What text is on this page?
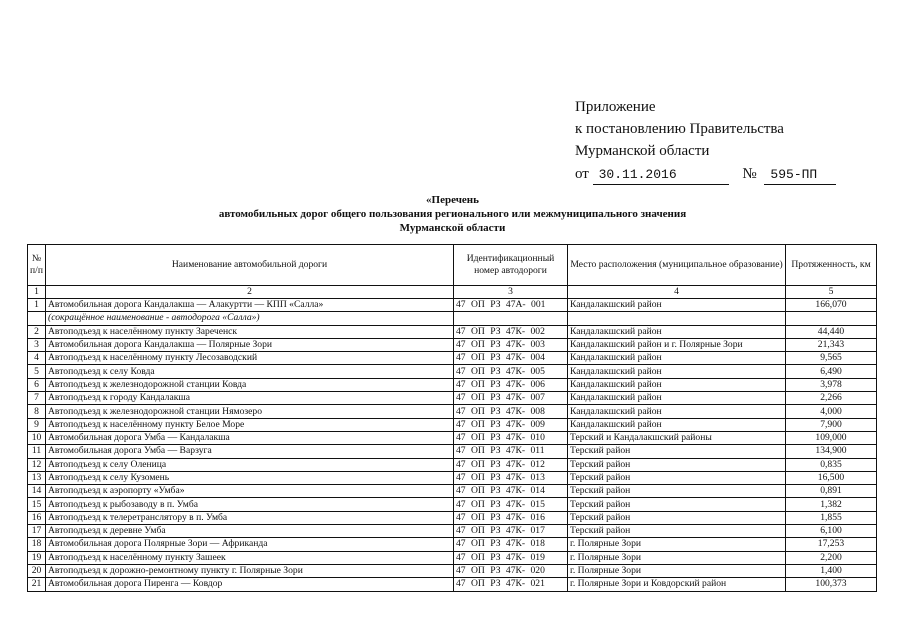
Приложение
к постановлению Правительства
Мурманской области
от 30.11.2016	№ 595-ПП
«Перечень
автомобильных дорог общего пользования регионального или межмуниципального значения
Мурманской области
№ п/п	Наименование автомобильной дороги	Идентификационный номер автодороги	Место расположения (муниципальное образование)	Протяженность, км
1	2	3	4	5
1	Автомобильная дорога Кандалакша — Алакуртти — КПП «Салла»	47 ОП РЗ 47А- 001	Кандалакшский район	166,070
	(сокращённое наименование - автодорога «Салла»)			
2	Автоподъезд к населённому пункту Зареченск	47 ОП РЗ 47К- 002	Кандалакшский район	44,440
3	Автомобильная дорога Кандалакша — Полярные Зори	47 ОП РЗ 47К- 003	Кандалакшский район и г. Полярные Зори	21,343
4	Автоподъезд к населённому пункту Лесозаводский	47 ОП РЗ 47К- 004	Кандалакшский район	9,565
5	Автоподъезд к селу Ковда	47 ОП РЗ 47К- 005	Кандалакшский район	6,490
6	Автоподъезд к железнодорожной станции Ковда	47 ОП РЗ 47К- 006	Кандалакшский район	3,978
7	Автоподъезд к городу Кандалакша	47 ОП РЗ 47К- 007	Кандалакшский район	2,266
8	Автоподъезд к железнодорожной станции Нямозеро	47 ОП РЗ 47К- 008	Кандалакшский район	4,000
9	Автоподъезд к населённому пункту Белое Море	47 ОП РЗ 47К- 009	Кандалакшский район	7,900
10	Автомобильная дорога Умба — Кандалакша	47 ОП РЗ 47К- 010	Терский и Кандалакшский районы	109,000
11	Автомобильная дорога Умба — Варзуга	47 ОП РЗ 47К- 011	Терский район	134,900
12	Автоподъезд к селу Оленица	47 ОП РЗ 47К- 012	Терский район	0,835
13	Автоподъезд к селу Кузомень	47 ОП РЗ 47К- 013	Терский район	16,500
14	Автоподъезд к аэропорту «Умба»	47 ОП РЗ 47К- 014	Терский район	0,891
15	Автоподъезд к рыбозаводу в п. Умба	47 ОП РЗ 47К- 015	Терский район	1,382
16	Автоподъезд к телеретранслятору в п. Умба	47 ОП РЗ 47К- 016	Терский район	1,855
17	Автоподъезд к деревне Умба	47 ОП РЗ 47К- 017	Терский район	6,100
18	Автомобильная дорога Полярные Зори — Африканда	47 ОП РЗ 47К- 018	г. Полярные Зори	17,253
19	Автоподъезд к населённому пункту Зашеек	47 ОП РЗ 47К- 019	г. Полярные Зори	2,200
20	Автоподъезд к дорожно-ремонтному пункту г. Полярные Зори	47 ОП РЗ 47К- 020	г. Полярные Зори	1,400
21	Автомобильная дорога Пиренга — Ковдор	47 ОП РЗ 47К- 021	г. Полярные Зори и Ковдорский район	100,373
